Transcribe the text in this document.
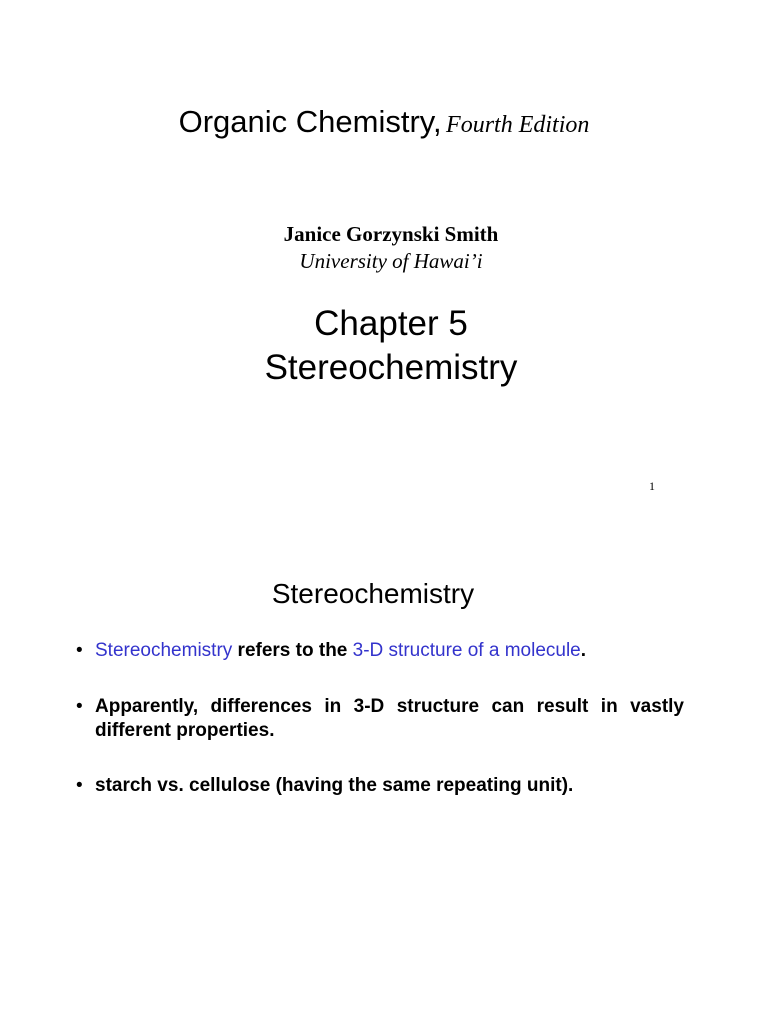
Organic Chemistry, Fourth Edition
Janice Gorzynski Smith
University of Hawai’i
Chapter 5
Stereochemistry
1
Stereochemistry
• Stereochemistry refers to the 3-D structure of a molecule.
• Apparently, differences in 3-D structure can result in vastly different properties.
• starch vs. cellulose (having the same repeating unit).
